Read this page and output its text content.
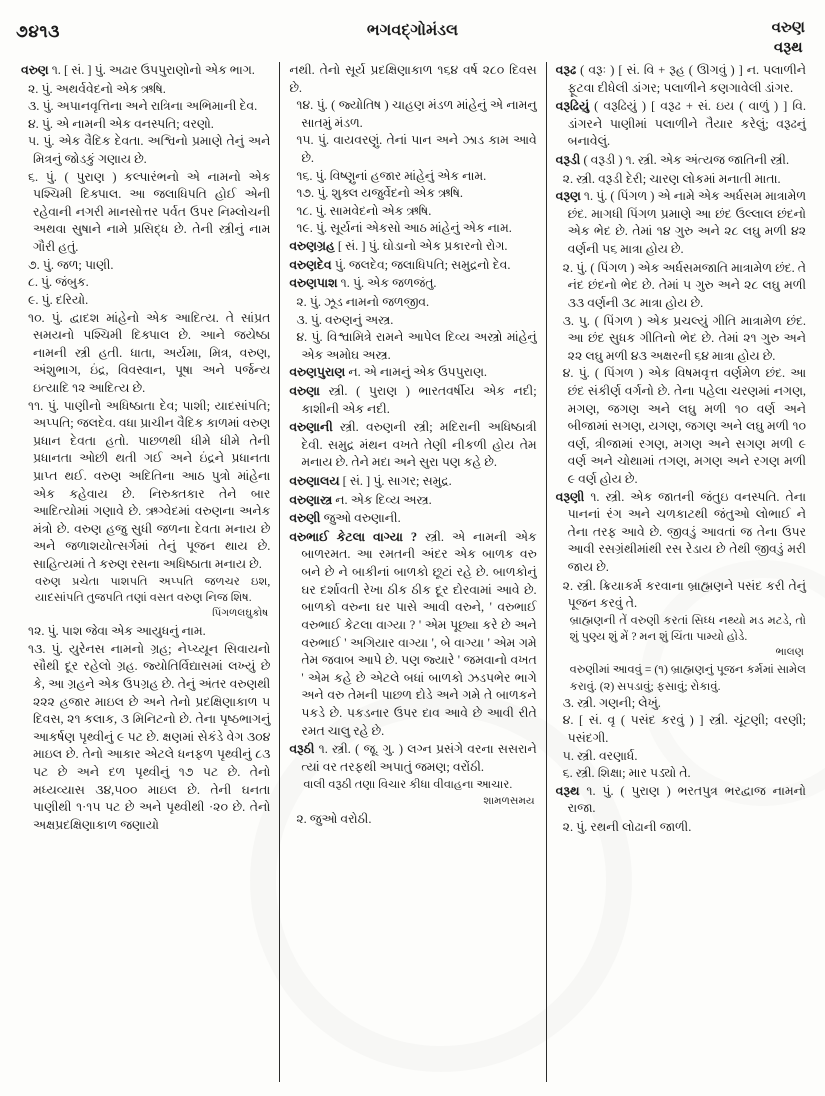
૭૪૧૩	ભગવદ્ગોમંડલ	વરુણ
વરૂથ

વરુણ ૧. [ સં. ] પું. અઢાર ઉપપુરાણોનો એક ભાગ.

૨. પું. અથર્વવેદનો એક ઋષિ.

૩. પું. અપાનવૃત્તિના અને રાત્રિના અભિમાની દેવ.

૪. પું. એ નામની એક વનસ્પતિ; વરણો.

૫. પું. એક વૈદિક દેવતા. અશ્વિનો પ્રમાણે તેનું અને મિત્રનું જોડકું ગણાય છે.

૬. પું. ( પુરાણ ) કલ્પારંભનો એ નામનો એક પશ્ચિમી દિક્પાલ. આ જલાધિપતિ હોઈ એની રહેવાની નગરી માનસોત્તર પર્વત ઉપર નિમ્લોચની અથવા સુષાને નામે પ્રસિદ્ધ છે. તેની સ્ત્રીનું નામ ગૌરી હતું.

૭. પું. જળ; પાણી.

૮. પું. જંબુક.

૯. પું. દરિયો.

૧૦. પું. દ્વાદશ માંહેનો એક આદિત્ય. તે સાંપ્રત સમયનો પશ્ચિમી દિક્પાલ છે. આને જયેષ્ઠા નામની સ્ત્રી હતી. ધાતા, અર્યમા, મિત્ર, વરુણ, અંશુભાગ, ઇંદ્ર, વિવસ્વાન, પૂષા અને પર્જન્ય ઇત્યાદિ ૧૨ આદિત્ય છે.

૧૧. પું. પાણીનો અધિષ્ઠાતા દેવ; પાશી; યાદસાંપતિ; અપ્પતિ; જલદેવ. વધા પ્રાચીન વૈદિક કાળમાં વરુણ પ્રધાન દેવતા હતો. પાછળથી ધીમે ધીમે તેની પ્રધાનતા ઓછી થતી ગઈ અને ઇંદ્રને પ્રધાનતા પ્રાપ્ત થઈ. વરુણ અદિતિના આઠ પુત્રો માંહેના એક કહેવાય છે. નિરુક્તકાર તેને બાર આદિત્યોમાં ગણાવે છે. ઋગ્વેદમાં વરુણના અનેક મંત્રો છે. વરુણ હજુ સુધી જળના દેવતા મનાય છે અને જળાશયોત્સર્ગમાં તેનું પૂજન થાય છે. સાહિત્યમાં તે કરુણ રસના અધિષ્ઠાતા મનાય છે.

વરુણ પ્રચેતા પાશપતિ અપ્પતિ જળચર ઇશ, યાદસાંપતિ તુજપતિ તણાં વસત વરુણ નિજ શિષ.

પિંગળલઘુકોષ

૧૨. પું. પાશ જેવા એક આયુધનું નામ.

૧૩. પું. યુરેનસ નામનો ગ્રહ; નેપ્ચ્યૂન સિવાયનો સૌથી દૂર રહેલો ગ્રહ. જ્યોતિર્વિદ્યાસમાં લખ્યું છે કે, આ ગ્રહને એક ઉપગ્રહ છે. તેનું અંતર વરુણથી ૨૨૨ હજાર માઇલ છે અને તેનો પ્રદક્ષિણાકાળ ૫ દિવસ, ૨૧ કલાક, ૩ મિનિટનો છે. તેના પૃષ્ઠભાગનું આકર્ષણ પૃથ્વીનું ૯ પટ છે. ક્ષણમાં સેકંડે વેગ ૩૦૪ માઇલ છે. તેનો આકાર એટલે ધનફળ પૃથ્વીનું ૮૩ પટ છે અને દળ પૃથ્વીનું ૧૭ પટ છે. તેનો મધ્યવ્યાસ ૩૪,૫૦૦ માઇલ છે. તેની ઘનતા પાણીથી ૧·૧૫ પટ છે અને પૃથ્વીથી ·૨૦ છે. તેનો અક્ષપ્રદક્ષિણાકાળ જણાયો

નથી. તેનો સૂર્ય પ્રદક્ષિણાકાળ ૧૬૪ વર્ષ ૨૮૦ દિવસ છે.

૧૪. પું. ( જ્યોતિષ ) ચાહણ મંડળ માંહેનું એ નામનુ સાતમું મંડળ.

૧૫. પું. વાયવરણું. તેનાં પાન અને ઝાડ કામ આવે છે.

૧૬. પું. વિષ્ણુનાં હજાર માંહેનું એક નામ.

૧૭. પું. શુક્લ યજુર્વેદનો એક ઋષિ.

૧૮. પું. સામવેદનો એક ઋષિ.

૧૯. પું. સૂર્યનાં એકસો આઠ માંહેનું એક નામ.

વરુણગ્રહ [ સં. ] પું. ઘોડાનો એક પ્રકારનો રોગ.

વરુણદેવ પું. જલદેવ; જલાધિપતિ; સમુદ્રનો દેવ.

વરુણપાશ ૧. પું. એક જળજંતુ.

૨. પું. ઝૂડ નામનો જળજીવ.

૩. પું. વરુણનું અસ્ત્ર.

૪. પું. વિશ્વામિત્રે રામને આપેલ દિવ્ય અસ્ત્રો માંહેનું એક અમોઘ અસ્ત્ર.

વરુણપુરાણ ન. એ નામનું એક ઉપપુરાણ.

વરુણા સ્ત્રી. ( પુરાણ ) ભારતવર્ષીય એક નદી; કાશીની એક નદી.

વરુણાની સ્ત્રી. વરુણની સ્ત્રી; મદિરાની અધિષ્ઠાત્રી દેવી. સમુદ્ર મંથન વખતે તેણી નીકળી હોય તેમ મનાય છે. તેને મદા અને સુરા પણ કહે છે.

વરુણાલય [ સં. ] પું. સાગર; સમુદ્ર.

વરુણાસ્ત્ર ન. એક દિવ્ય અસ્ત્ર.

વરુણી જુઓ વરુણાની.

વરુભાઈ કેટલા વાગ્યા ? સ્ત્રી. એ નામની એક બાળરમત. આ રમતની અંદર એક બાળક વરુ બને છે ને બાકીનાં બાળકો છૂટાં રહે છે. બાળકોનું ઘર દર્શાવતી રેખા ઠીક ઠીક દૂર દોરવામાં આવે છે. બાળકો વરુના ઘર પાસે આવી વરુને, ' વરુભાઈ વરુભાઈ કેટલા વાગ્યા ? ' એમ પૂછ્યા કરે છે અને વરુભાઈ ' અગિયાર વાગ્યા ', બે વાગ્યા ' એમ ગમે તેમ જવાબ આપે છે. પણ જ્યારે ' જમવાનો વખત ' એમ કહે છે એટલે બધાં બાળકો ઝડપભેર ભાગે અને વરુ તેમની પાછળ દોડે અને ગમે તે બાળકને પકડે છે. પકડનાર ઉપર દાવ આવે છે આવી રીતે રમત ચાલુ રહે છે.

વરૂઠી ૧. સ્ત્રી. ( જૂ. ગુ. ) લગ્ન પ્રસંગે વરના સસરાને ત્યાં વર તરફથી અપાતું જમણ; વરોંઠી.

વાલી વરૂઠી તણા વિચાર કીધા વીવાહના આચાર.

શામળસમય

૨. જુઓ વરોઠી.

વરૂઢ ( વરૂઃ ) [ સં. વિ + રૂહ ( ઊગવું ) ] ન. પલાળીને ફૂટવા દીધેલી ડાંગર; પલાળીને કણગાવેલી ડાંગર.

વરૂઢિયું ( વરૂઢિયું ) [ વરૂઢ + સં. ઇય ( વાળું ) ] વિ. ડાંગરને પાણીમાં પલાળીને તૈયાર કરેલું; વરૂઢનું બનાવેલું.

વરૂડી ( વરૂડી ) ૧. સ્ત્રી. એક અંત્યજ જાતિની સ્ત્રી.

૨. સ્ત્રી. વરૂડી દેરી; ચારણ લોકમાં મનાતી માતા.

વરૂણ ૧. પું. ( પિંગળ ) એ નામે એક અર્ધસમ માત્રામેળ છંદ. માગધી પિંગળ પ્રમાણે આ છંદ ઉલ્લાલ છંદનો એક ભેદ છે. તેમાં ૧૪ ગુરુ અને ૨૮ લઘુ મળી ૪૨ વર્ણની ૫૬ માત્રા હોય છે.

૨. પું. ( પિંગળ ) એક અર્ધસમજાતિ માત્રામેળ છંદ. તે નંદ છંદનો ભેદ છે. તેમાં ૫ ગુરુ અને ૨૮ લઘુ મળી ૩૩ વર્ણની ૩૮ માત્રા હોય છે.

૩. પુ. ( પિંગળ ) એક પ્રચલ્યું ગીતિ માત્રામેળ છંદ. આ છંદ સુધક ગીતિનો ભેદ છે. તેમાં ૨૧ ગુરુ અને ૨૨ લઘુ મળી ૪૩ અક્ષરની ૬૪ માત્રા હોય છે.

૪. પું. ( પિંગળ ) એક વિષમવૃત્ત વર્ણમેળ છંદ. આ છંદ સંકીર્ણ વર્ગનો છે. તેના પહેલા ચરણમાં નગણ, મગણ, જગણ અને લઘુ મળી ૧૦ વર્ણ અને બીજામાં સગણ, યગણ, જગણ અને લઘુ મળી ૧૦ વર્ણ, ત્રીજામાં રગણ, મગણ અને સગણ મળી ૯ વર્ણ અને ચોથામાં તગણ, મગણ અને રગણ મળી ૯ વર્ણ હોય છે.

વરૂણી ૧. સ્ત્રી. એક જાતની જંતુઇ વનસ્પતિ. તેના પાનનાં રંગ અને ચળકાટથી જંતુઓ લોભાઈ ને તેના તરફ આવે છે. જીવડું આવતાં જ તેના ઉપર આવી રસગ્રંથીમાંથી રસ રેડાય છે તેથી જીવડું મરી જાય છે.

૨. સ્ત્રી. ક્રિયાકર્મ કરવાના બ્રાહ્મણને પસંદ કરી તેનું પૂજન કરવું તે.

બ્રાહ્મણની તેં વરુણી કરતાં સિધ્ધ નથ્યો મડ મટડે, તો શું પુણ્ય શું મેં ? મન શું ચિંતા પામ્યો હોડે.

ભાલણ

વરુણીમાં આવવું = (૧) બ્રાહ્મણનું પૂજન કર્મમાં સામેલ કરાવું. (૨) સપડાવું; ફસાવું; રોકાવું.

૩. સ્ત્રી. ગણની; લેખું.

૪. [ સં. વૃ ( પસંદ કરવું ) ] સ્ત્રી. ચૂંટણી; વરણી; પસંદગી.

૫. સ્ત્રી. વરણાર્ધ.

૬. સ્ત્રી. શિક્ષા; માર પડ્યો તે.

વરૂથ ૧. પું. ( પુરાણ ) ભરતપુત્ર ભરદ્વાજ નામનો રાજા.

૨. પું. રથની લોઢાની જાળી.
